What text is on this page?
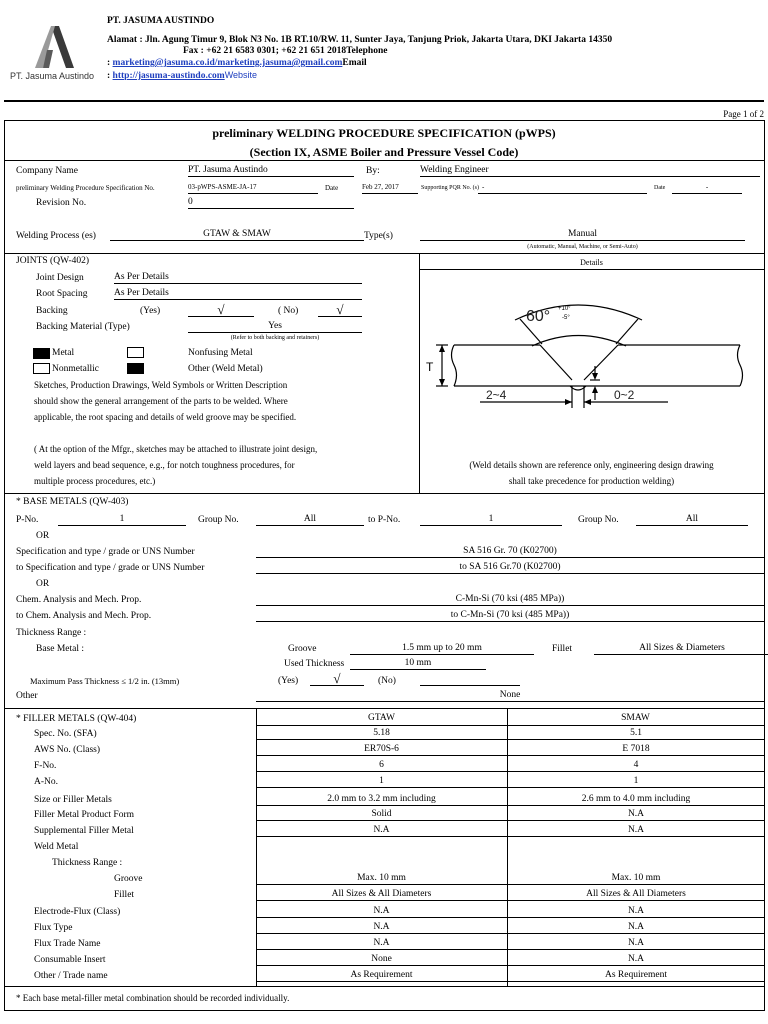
PT. Jasuma Austindo
PT. JASUMA AUSTINDO
Alamat : Jln. Agung Timur 9, Blok N3 No. 1B RT.10/RW. 11, Sunter Jaya, Tanjung Priok, Jakarta Utara, DKI Jakarta 14350
Fax : +62 21 6583 0301; +62 21 651 2018Telephone
: marketing@jasuma.co.id/marketing.jasuma@gmail.comEmail
: http://jasuma-austindo.comWebsite
Page 1 of 2
preliminary WELDING PROCEDURE SPECIFICATION (pWPS)
(Section IX, ASME Boiler and Pressure Vessel Code)
Company Name	PT. Jasuma Austindo	By:	Welding Engineer
preliminary Welding Procedure Specification No.	03-pWPS-ASME-JA-17	Date	Feb 27, 2017	Supporting PQR No. (s) -	Date	-
Revision No.	0
Welding Process (es)	GTAW & SMAW	Type(s)	Manual
(Automatic, Manual, Machine, or Semi-Auto)
JOINTS (QW-402)	Details
Joint Design	As Per Details
Root Spacing	As Per Details
Backing	(Yes)	√	( No)	√
Backing Material (Type)	Yes
(Refer to both backing and retainers)
Metal	Nonfusing Metal
Nonmetallic	Other (Weld Metal)
Sketches, Production Drawings, Weld Symbols or Written Description
should show the general arrangement of the parts to be welded. Where
applicable, the root spacing and details of weld groove may be specified.
( At the option of the Mfgr., sketches may be attached to illustrate joint design,
weld layers and bead sequence, e.g., for notch toughness procedures, for
multiple process procedures, etc.)
60° +10°
-5°
T
2~4	0~2
(Weld details shown are reference only, engineering design drawing
shall take precedence for production welding)
* BASE METALS (QW-403)
P-No.	1	Group No.	All	to P-No.	1	Group No.	All
OR
Specification and type / grade or UNS Number	SA 516 Gr. 70 (K02700)
to Specification and type / grade or UNS Number	to SA 516 Gr.70 (K02700)
OR
Chem. Analysis and Mech. Prop.	C-Mn-Si (70 ksi (485 MPa))
to Chem. Analysis and Mech. Prop.	to C-Mn-Si (70 ksi (485 MPa))
Thickness Range :
Base Metal :	Groove	1.5 mm up to 20 mm	Fillet	All Sizes & Diameters
Used Thickness	10 mm
Maximum Pass Thickness ≤ 1/2 in. (13mm)	(Yes)	√	(No)
Other	None
* FILLER METALS (QW-404)	GTAW	SMAW
Spec. No. (SFA)	5.18	5.1
AWS No. (Class)	ER70S-6	E 7018
F-No.	6	4
A-No.	1	1
Size or Filler Metals	2.0 mm to 3.2 mm including	2.6 mm to 4.0 mm including
Filler Metal Product Form	Solid	N.A
Supplemental Filler Metal	N.A	N.A
Weld Metal
Thickness Range :
Groove	Max. 10 mm	Max. 10 mm
Fillet	All Sizes & All Diameters	All Sizes & All Diameters
Electrode-Flux (Class)	N.A	N.A
Flux Type	N.A	N.A
Flux Trade Name	N.A	N.A
Consumable Insert	None	N.A
Other / Trade name	As Requirement	As Requirement
* Each base metal-filler metal combination should be recorded individually.
